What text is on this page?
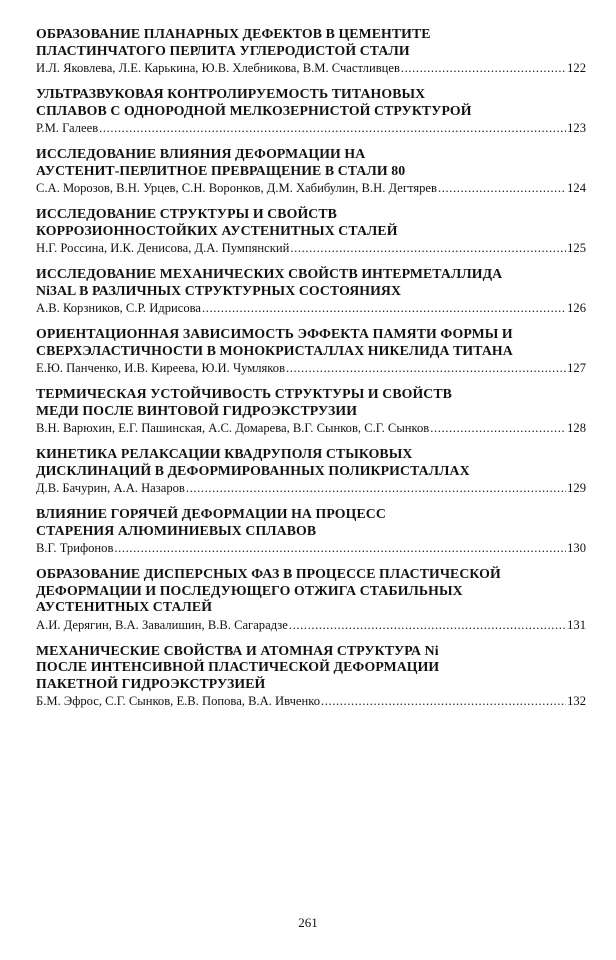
ОБРАЗОВАНИЕ ПЛАНАРНЫХ ДЕФЕКТОВ В ЦЕМЕНТИТЕ
ПЛАСТИНЧАТОГО ПЕРЛИТА УГЛЕРОДИСТОЙ СТАЛИ
И.Л. Яковлева, Л.Е. Карькина, Ю.В. Хлебникова, В.М. Счастливцев .....	122
УЛЬТРАЗВУКОВАЯ КОНТРОЛИРУЕМОСТЬ ТИТАНОВЫХ
СПЛАВОВ С ОДНОРОДНОЙ МЕЛКОЗЕРНИСТОЙ СТРУКТУРОЙ
Р.М. Галеев .....	123
ИССЛЕДОВАНИЕ ВЛИЯНИЯ ДЕФОРМАЦИИ НА
АУСТЕНИТ-ПЕРЛИТНОЕ ПРЕВРАЩЕНИЕ В СТАЛИ 80
С.А. Морозов, В.Н. Урцев, С.Н. Воронков, Д.М. Хабибулин, В.Н. Дегтярев .....	124
ИССЛЕДОВАНИЕ СТРУКТУРЫ И СВОЙСТВ
КОРРОЗИОННОСТОЙКИХ АУСТЕНИТНЫХ СТАЛЕЙ
Н.Г. Россина, И.К. Денисова, Д.А. Пумпянский .....	125
ИССЛЕДОВАНИЕ МЕХАНИЧЕСКИХ СВОЙСТВ ИНТЕРМЕТАЛЛИДА
Ni3AL В РАЗЛИЧНЫХ СТРУКТУРНЫХ СОСТОЯНИЯХ
А.В. Корзников, С.Р. Идрисова .....	126
ОРИЕНТАЦИОННАЯ ЗАВИСИМОСТЬ ЭФФЕКТА ПАМЯТИ ФОРМЫ И
СВЕРХЭЛАСТИЧНОСТИ В МОНОКРИСТАЛЛАХ НИКЕЛИДА ТИТАНА
Е.Ю. Панченко, И.В. Киреева, Ю.И. Чумляков .....	127
ТЕРМИЧЕСКАЯ УСТОЙЧИВОСТЬ СТРУКТУРЫ И СВОЙСТВ
МЕДИ ПОСЛЕ ВИНТОВОЙ ГИДРОЭКСТРУЗИИ
В.Н. Варюхин, Е.Г. Пашинская, А.С. Домарева, В.Г. Сынков, С.Г. Сынков .....	128
КИНЕТИКА РЕЛАКСАЦИИ КВАДРУПОЛЯ СТЫКОВЫХ
ДИСКЛИНАЦИЙ В ДЕФОРМИРОВАННЫХ ПОЛИКРИСТАЛЛАХ
Д.В. Бачурин, А.А. Назаров .....	129
ВЛИЯНИЕ ГОРЯЧЕЙ ДЕФОРМАЦИИ НА ПРОЦЕСС
СТАРЕНИЯ АЛЮМИНИЕВЫХ СПЛАВОВ
В.Г. Трифонов .....	130
ОБРАЗОВАНИЕ ДИСПЕРСНЫХ ФАЗ В ПРОЦЕССЕ ПЛАСТИЧЕСКОЙ
ДЕФОРМАЦИИ И ПОСЛЕДУЮЩЕГО ОТЖИГА СТАБИЛЬНЫХ
АУСТЕНИТНЫХ СТАЛЕЙ
А.И. Дерягин, В.А. Завалишин, В.В. Сагарадзе .....	131
МЕХАНИЧЕСКИЕ СВОЙСТВА И АТОМНАЯ СТРУКТУРА Ni
ПОСЛЕ ИНТЕНСИВНОЙ ПЛАСТИЧЕСКОЙ ДЕФОРМАЦИИ
ПАКЕТНОЙ ГИДРОЭКСТРУЗИЕЙ
Б.М. Эфрос, С.Г. Сынков, Е.В. Попова, В.А. Ивченко .....	132
261
